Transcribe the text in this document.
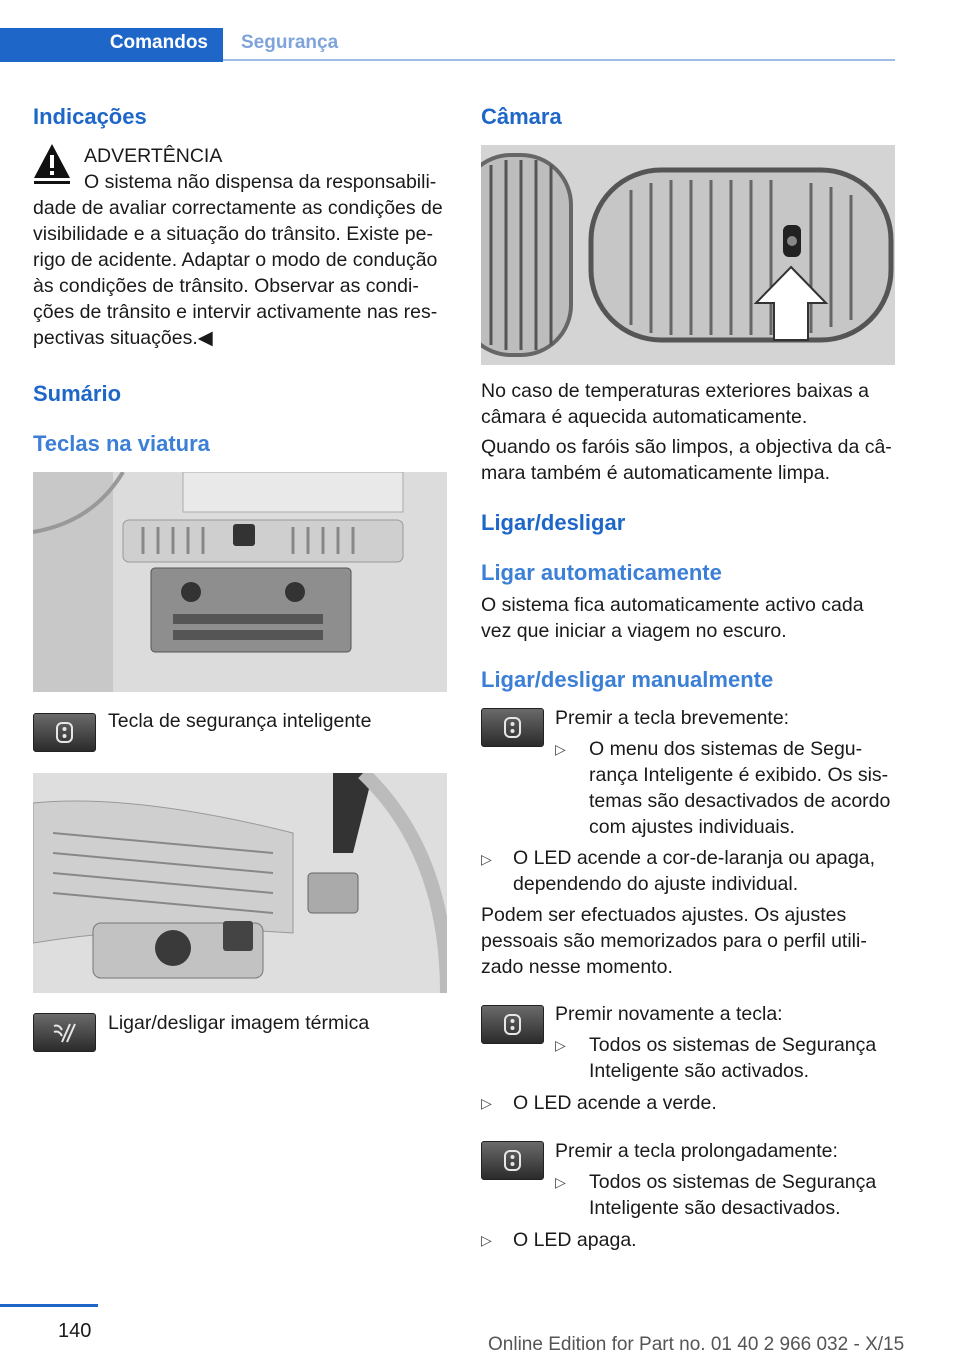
Comandos	Segurança
Indicações
ADVERTÊNCIA
O sistema não dispensa da responsabili-
dade de avaliar correctamente as condições de
visibilidade e a situação do trânsito. Existe pe-
rigo de acidente. Adaptar o modo de condução
às condições de trânsito. Observar as condi-
ções de trânsito e intervir activamente nas res-
pectivas situações.◀
Sumário
Teclas na viatura
Tecla de segurança inteligente
Ligar/desligar imagem térmica
Câmara
No caso de temperaturas exteriores baixas a
câmara é aquecida automaticamente.
Quando os faróis são limpos, a objectiva da câ-
mara também é automaticamente limpa.
Ligar/desligar
Ligar automaticamente
O sistema fica automaticamente activo cada
vez que iniciar a viagem no escuro.
Ligar/desligar manualmente
Premir a tecla brevemente:
▷ O menu dos sistemas de Segu-
rança Inteligente é exibido. Os sis-
temas são desactivados de acordo
com ajustes individuais.
▷ O LED acende a cor-de-laranja ou apaga,
dependendo do ajuste individual.
Podem ser efectuados ajustes. Os ajustes
pessoais são memorizados para o perfil utili-
zado nesse momento.
Premir novamente a tecla:
▷ Todos os sistemas de Segurança
Inteligente são activados.
▷ O LED acende a verde.
Premir a tecla prolongadamente:
▷ Todos os sistemas de Segurança
Inteligente são desactivados.
▷ O LED apaga.
140
Online Edition for Part no. 01 40 2 966 032 - X/15
